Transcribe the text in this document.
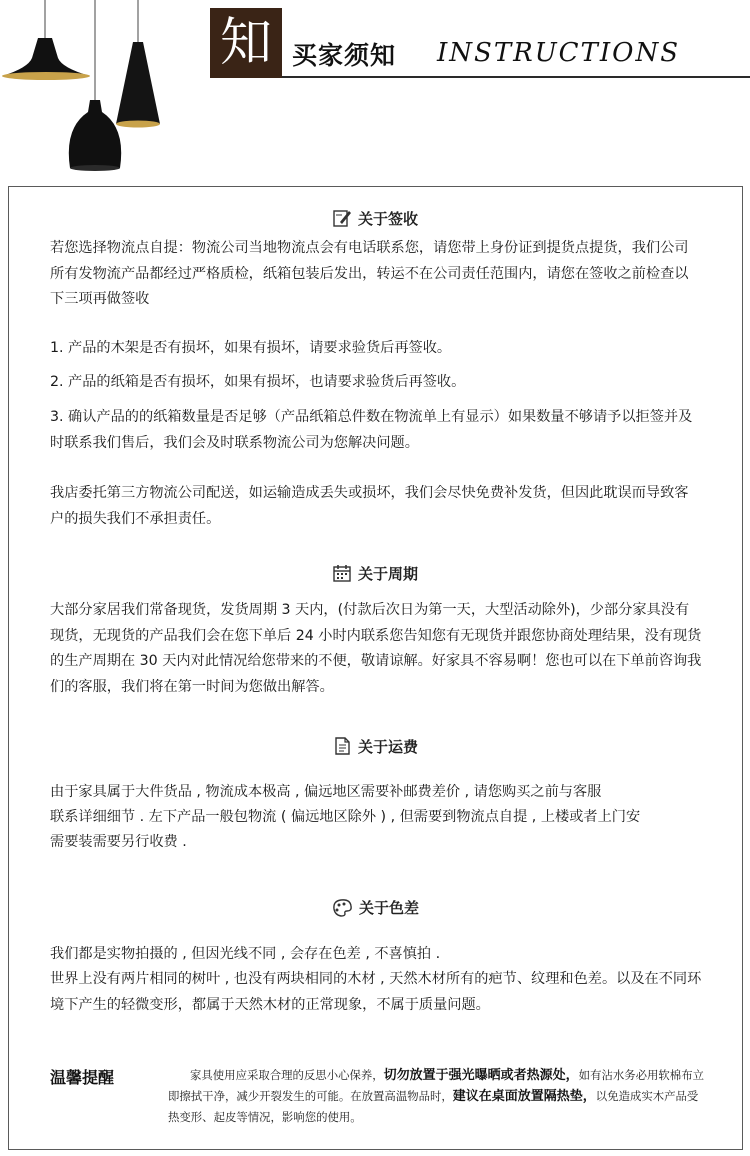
知 买家须知 INSTRUCTIONS
关于签收
若您选择物流点自提：物流公司当地物流点会有电话联系您，请您带上身份证到提货点提货，我们公司所有发物流产品都经过严格质检，纸箱包装后发出，转运不在公司责任范围内，请您在签收之前检查以下三项再做签收
1. 产品的木架是否有损坏，如果有损坏，请要求验货后再签收。
2. 产品的纸箱是否有损坏，如果有损坏，也请要求验货后再签收。
3. 确认产品的的纸箱数量是否足够（产品纸箱总件数在物流单上有显示）如果数量不够请予以拒签并及时联系我们售后，我们会及时联系物流公司为您解决问题。
我店委托第三方物流公司配送，如运输造成丢失或损坏，我们会尽快免费补发货，但因此耽误而导致客户的损失我们不承担责任。
关于周期
大部分家居我们常备现货，发货周期 3 天内，(付款后次日为第一天，大型活动除外)，少部分家具没有现货，无现货的产品我们会在您下单后 24 小时内联系您告知您有无现货并跟您协商处理结果，没有现货的生产周期在 30 天内对此情况给您带来的不便，敬请谅解。好家具不容易啊！您也可以在下单前咨询我们的客服，我们将在第一时间为您做出解答。
关于运费
由于家具属于大件货品 , 物流成本极高 , 偏远地区需要补邮费差价 , 请您购买之前与客服
联系详细细节 . 左下产品一般包物流 ( 偏远地区除外 ) , 但需要到物流点自提 , 上楼或者上门安
需要装需要另行收费 .
关于色差
我们都是实物拍摄的 , 但因光线不同 , 会存在色差 , 不喜慎拍 .
世界上没有两片相同的树叶 , 也没有两块相同的木材 , 天然木材所有的疤节、纹理和色差。以及在不同环境下产生的轻微变形，都属于天然木材的正常现象，不属于质量问题。
温馨提醒	家具使用应采取合理的反思小心保养，切勿放置于强光曝晒或者热源处，如有沾水务必用软棉布立即擦拭干净，减少开裂发生的可能。在放置高温物品时，建议在桌面放置隔热垫，以免造成实木产品受热变形、起皮等情况，影响您的使用。
